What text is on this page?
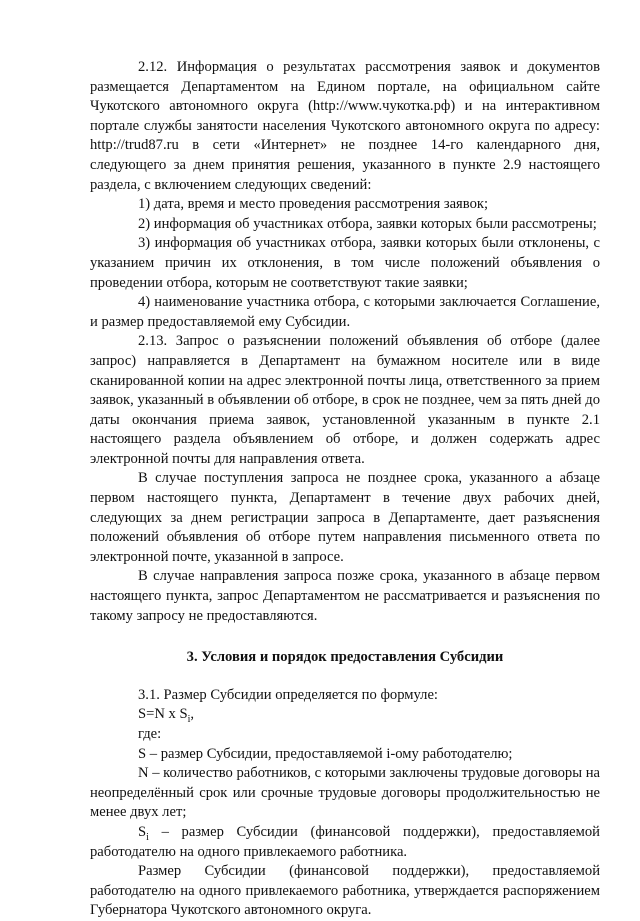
2.12. Информация о результатах рассмотрения заявок и документов размещается Департаментом на Едином портале, на официальном сайте Чукотского автономного округа (http://www.чукотка.рф) и на интерактивном портале службы занятости населения Чукотского автономного округа по адресу: http://trud87.ru в сети «Интернет» не позднее 14-го календарного дня, следующего за днем принятия решения, указанного в пункте 2.9 настоящего раздела, с включением следующих сведений:

1) дата, время и место проведения рассмотрения заявок;

2) информация об участниках отбора, заявки которых были рассмотрены;

3) информация об участниках отбора, заявки которых были отклонены, с указанием причин их отклонения, в том числе положений объявления о проведении отбора, которым не соответствуют такие заявки;

4) наименование участника отбора, с которыми заключается Соглашение, и размер предоставляемой ему Субсидии.

2.13. Запрос о разъяснении положений объявления об отборе (далее запрос) направляется в Департамент на бумажном носителе или в виде сканированной копии на адрес электронной почты лица, ответственного за прием заявок, указанный в объявлении об отборе, в срок не позднее, чем за пять дней до даты окончания приема заявок, установленной указанным в пункте 2.1 настоящего раздела объявлением об отборе, и должен содержать адрес электронной почты для направления ответа.

В случае поступления запроса не позднее срока, указанного а абзаце первом настоящего пункта, Департамент в течение двух рабочих дней, следующих за днем регистрации запроса в Департаменте, дает разъяснения положений объявления об отборе путем направления письменного ответа по электронной почте, указанной в запросе.

В случае направления запроса позже срока, указанного в абзаце первом настоящего пункта, запрос Департаментом не рассматривается и разъяснения по такому запросу не предоставляются.

3. Условия и порядок предоставления Субсидии

3.1. Размер Субсидии определяется по формуле:

S=N x $S_i$,

где:

S – размер Субсидии, предоставляемой i-ому работодателю;

N – количество работников, с которыми заключены трудовые договоры на неопределённый срок или срочные трудовые договоры продолжительностью не менее двух лет;

$S_i$ – размер Субсидии (финансовой поддержки), предоставляемой работодателю на одного привлекаемого работника.

Размер Субсидии (финансовой поддержки), предоставляемой работодателю на одного привлекаемого работника, утверждается распоряжением Губернатора Чукотского автономного округа.
